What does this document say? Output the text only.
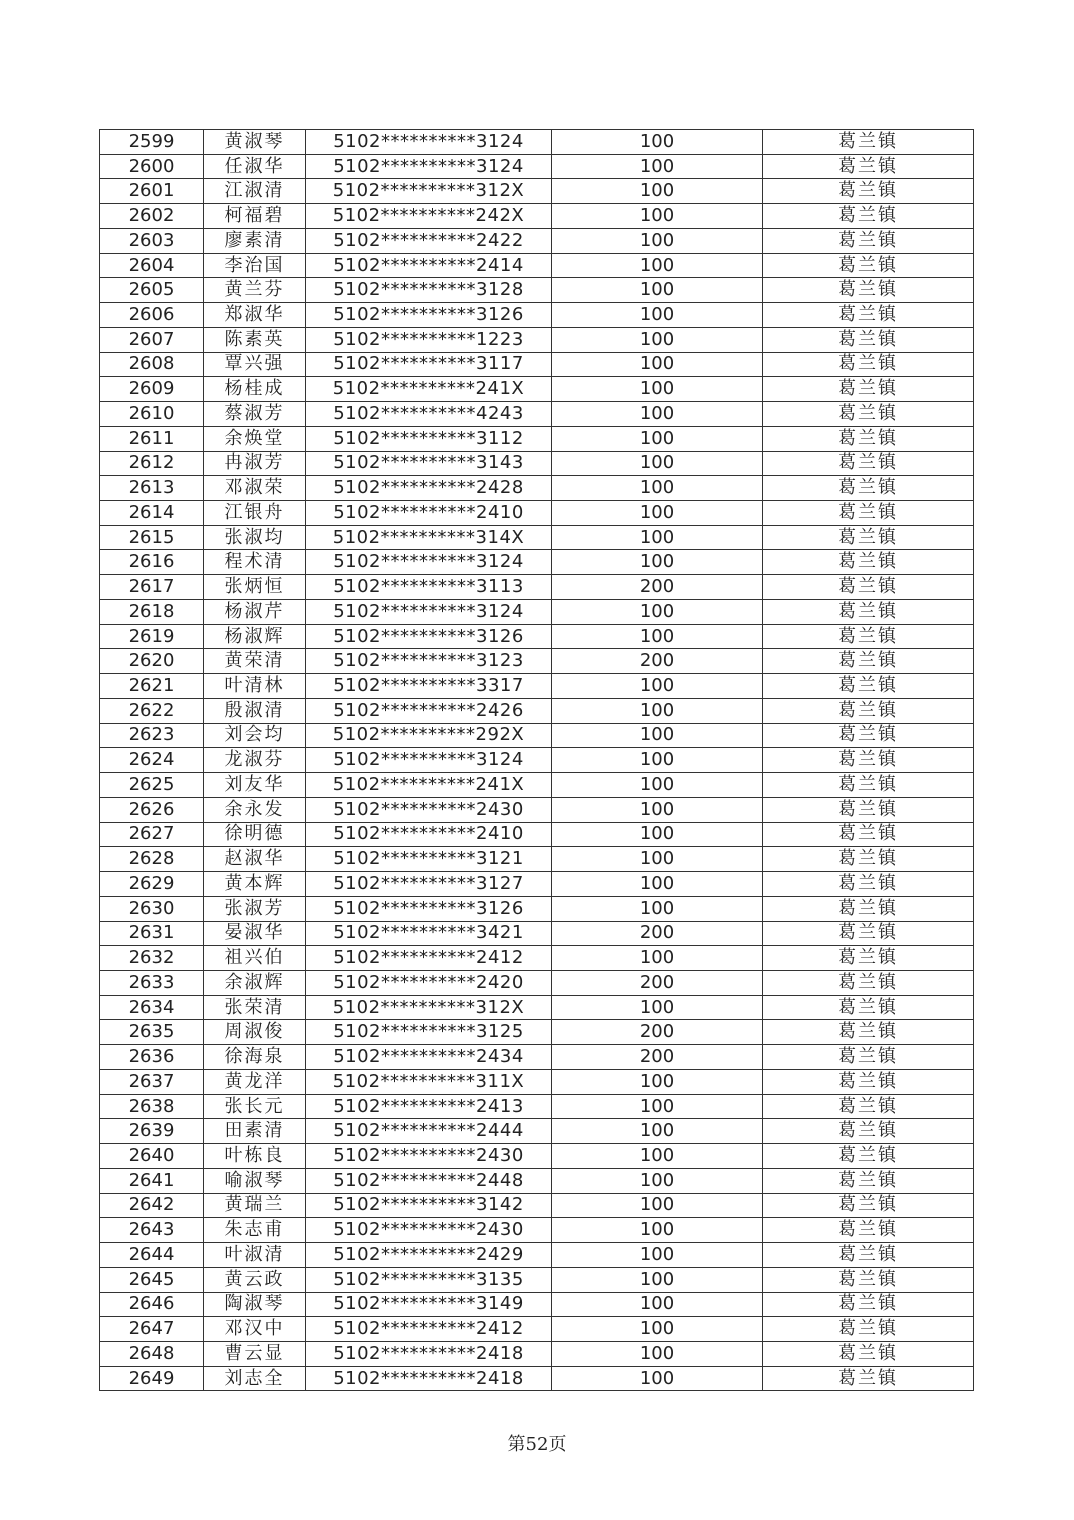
2599	黄淑琴	5102**********3124	100	葛兰镇
2600	任淑华	5102**********3124	100	葛兰镇
2601	江淑清	5102**********312X	100	葛兰镇
2602	柯福碧	5102**********242X	100	葛兰镇
2603	廖素清	5102**********2422	100	葛兰镇
2604	李治国	5102**********2414	100	葛兰镇
2605	黄兰芬	5102**********3128	100	葛兰镇
2606	郑淑华	5102**********3126	100	葛兰镇
2607	陈素英	5102**********1223	100	葛兰镇
2608	覃兴强	5102**********3117	100	葛兰镇
2609	杨桂成	5102**********241X	100	葛兰镇
2610	蔡淑芳	5102**********4243	100	葛兰镇
2611	余焕堂	5102**********3112	100	葛兰镇
2612	冉淑芳	5102**********3143	100	葛兰镇
2613	邓淑荣	5102**********2428	100	葛兰镇
2614	江银舟	5102**********2410	100	葛兰镇
2615	张淑均	5102**********314X	100	葛兰镇
2616	程术清	5102**********3124	100	葛兰镇
2617	张炳恒	5102**********3113	200	葛兰镇
2618	杨淑芹	5102**********3124	100	葛兰镇
2619	杨淑辉	5102**********3126	100	葛兰镇
2620	黄荣清	5102**********3123	200	葛兰镇
2621	叶清林	5102**********3317	100	葛兰镇
2622	殷淑清	5102**********2426	100	葛兰镇
2623	刘会均	5102**********292X	100	葛兰镇
2624	龙淑芬	5102**********3124	100	葛兰镇
2625	刘友华	5102**********241X	100	葛兰镇
2626	余永发	5102**********2430	100	葛兰镇
2627	徐明德	5102**********2410	100	葛兰镇
2628	赵淑华	5102**********3121	100	葛兰镇
2629	黄本辉	5102**********3127	100	葛兰镇
2630	张淑芳	5102**********3126	100	葛兰镇
2631	晏淑华	5102**********3421	200	葛兰镇
2632	祖兴伯	5102**********2412	100	葛兰镇
2633	余淑辉	5102**********2420	200	葛兰镇
2634	张荣清	5102**********312X	100	葛兰镇
2635	周淑俊	5102**********3125	200	葛兰镇
2636	徐海泉	5102**********2434	200	葛兰镇
2637	黄龙洋	5102**********311X	100	葛兰镇
2638	张长元	5102**********2413	100	葛兰镇
2639	田素清	5102**********2444	100	葛兰镇
2640	叶栋良	5102**********2430	100	葛兰镇
2641	喻淑琴	5102**********2448	100	葛兰镇
2642	黄瑞兰	5102**********3142	100	葛兰镇
2643	朱志甫	5102**********2430	100	葛兰镇
2644	叶淑清	5102**********2429	100	葛兰镇
2645	黄云政	5102**********3135	100	葛兰镇
2646	陶淑琴	5102**********3149	100	葛兰镇
2647	邓汉中	5102**********2412	100	葛兰镇
2648	曹云显	5102**********2418	100	葛兰镇
2649	刘志全	5102**********2418	100	葛兰镇
第52页
